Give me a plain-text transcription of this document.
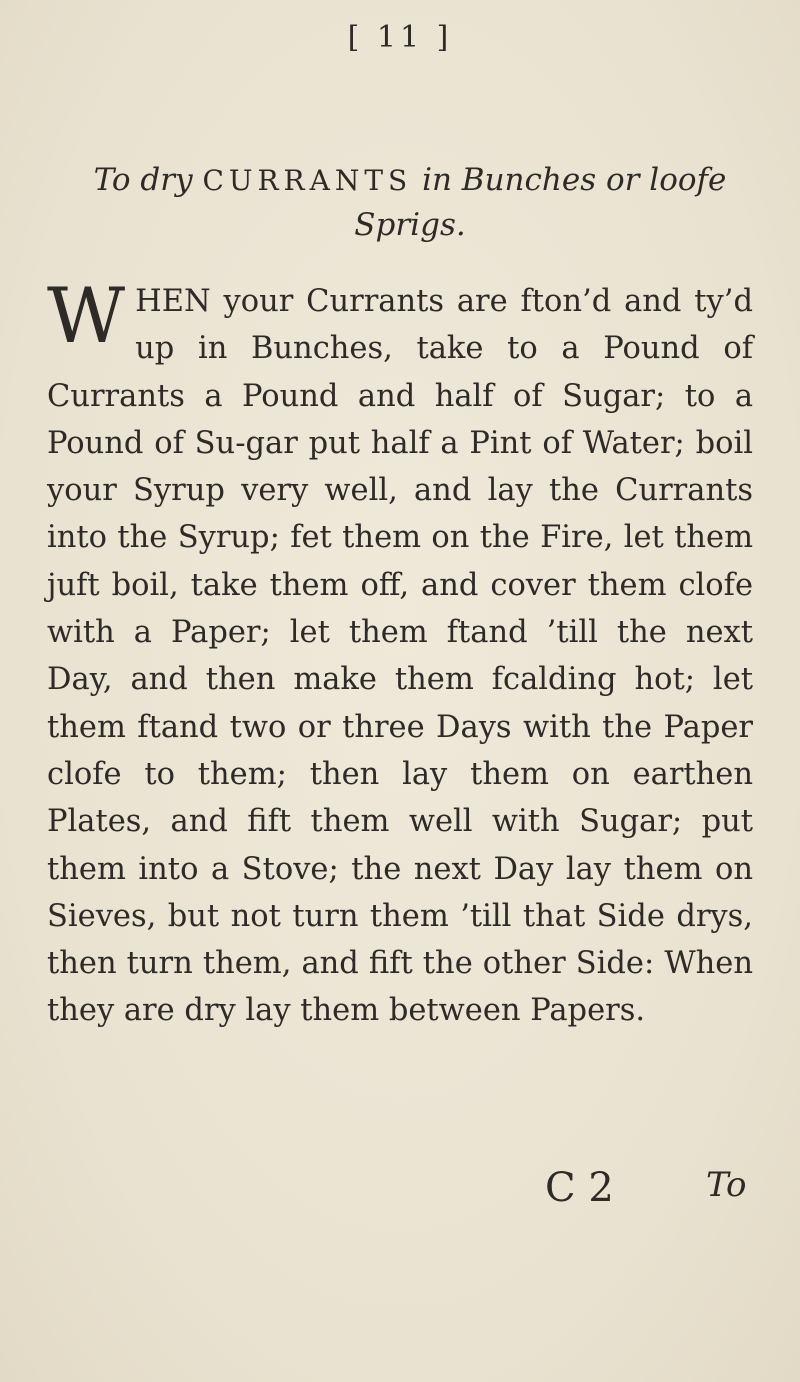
[ 11 ]
To dry CURRANTS in Bunches or loofe Sprigs.
W HEN your Currants are fton’d and ty’d up in Bunches, take to a Pound of Currants a Pound and half of Sugar; to a Pound of Su-gar put half a Pint of Water; boil your Syrup very well, and lay the Currants into the Syrup; fet them on the Fire, let them juft boil, take them off, and cover them clofe with a Paper; let them ftand ’till the next Day, and then make them fcalding hot; let them ftand two or three Days with the Paper clofe to them; then lay them on earthen Plates, and fift them well with Sugar; put them into a Stove; the next Day lay them on Sieves, but not turn them ’till that Side drys, then turn them, and fift the other Side: When they are dry lay them between Papers.
C 2	To
